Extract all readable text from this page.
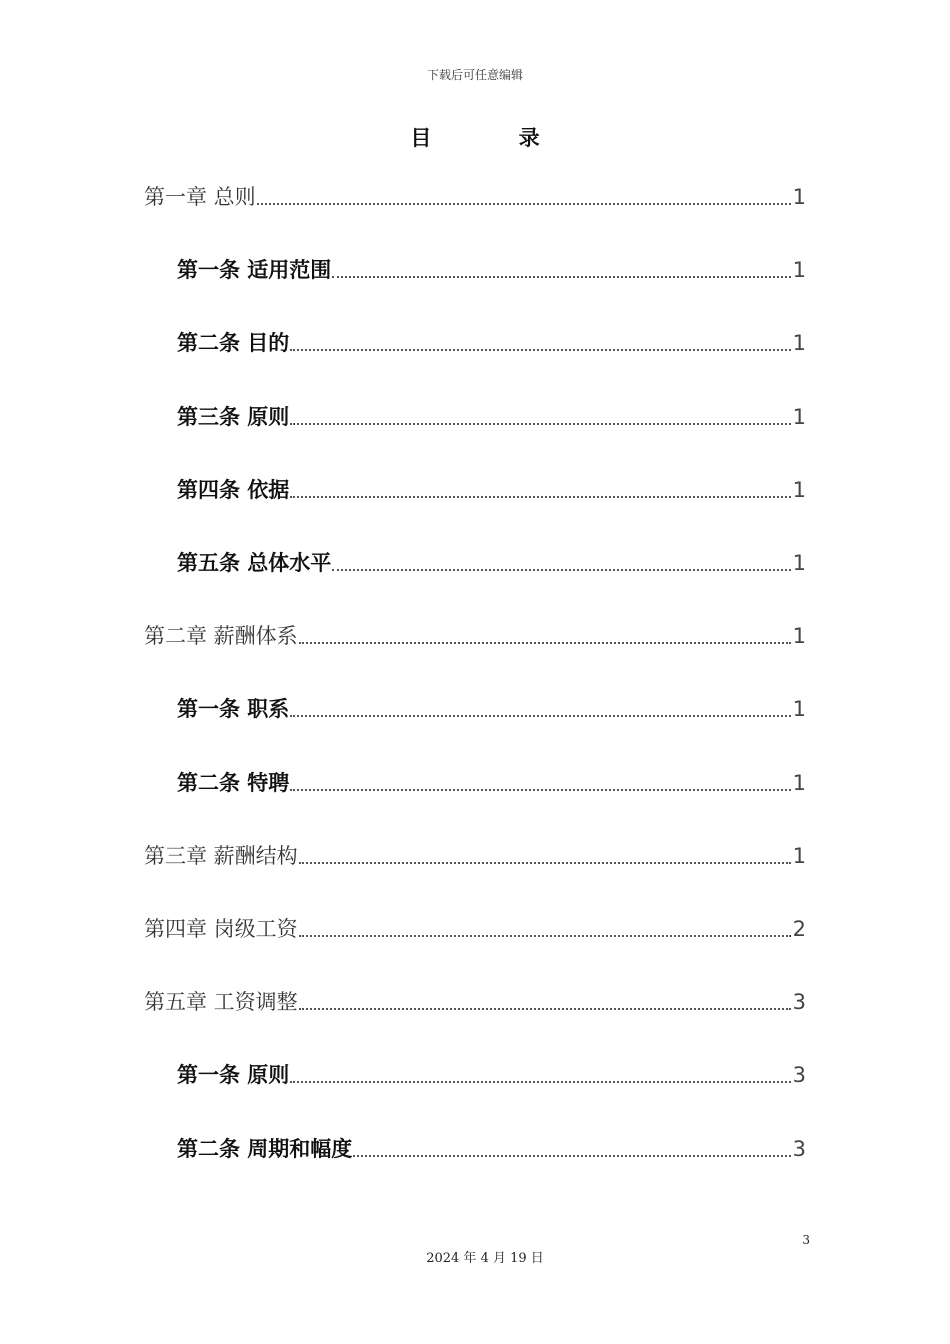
下载后可任意编辑
目 录
第一章 总则	1
第一条 适用范围	1
第二条 目的	1
第三条 原则	1
第四条 依据	1
第五条 总体水平	1
第二章 薪酬体系	1
第一条 职系	1
第二条 特聘	1
第三章 薪酬结构	1
第四章 岗级工资	2
第五章 工资调整	3
第一条 原则	3
第二条 周期和幅度	3
3
2024 年 4 月 19 日
